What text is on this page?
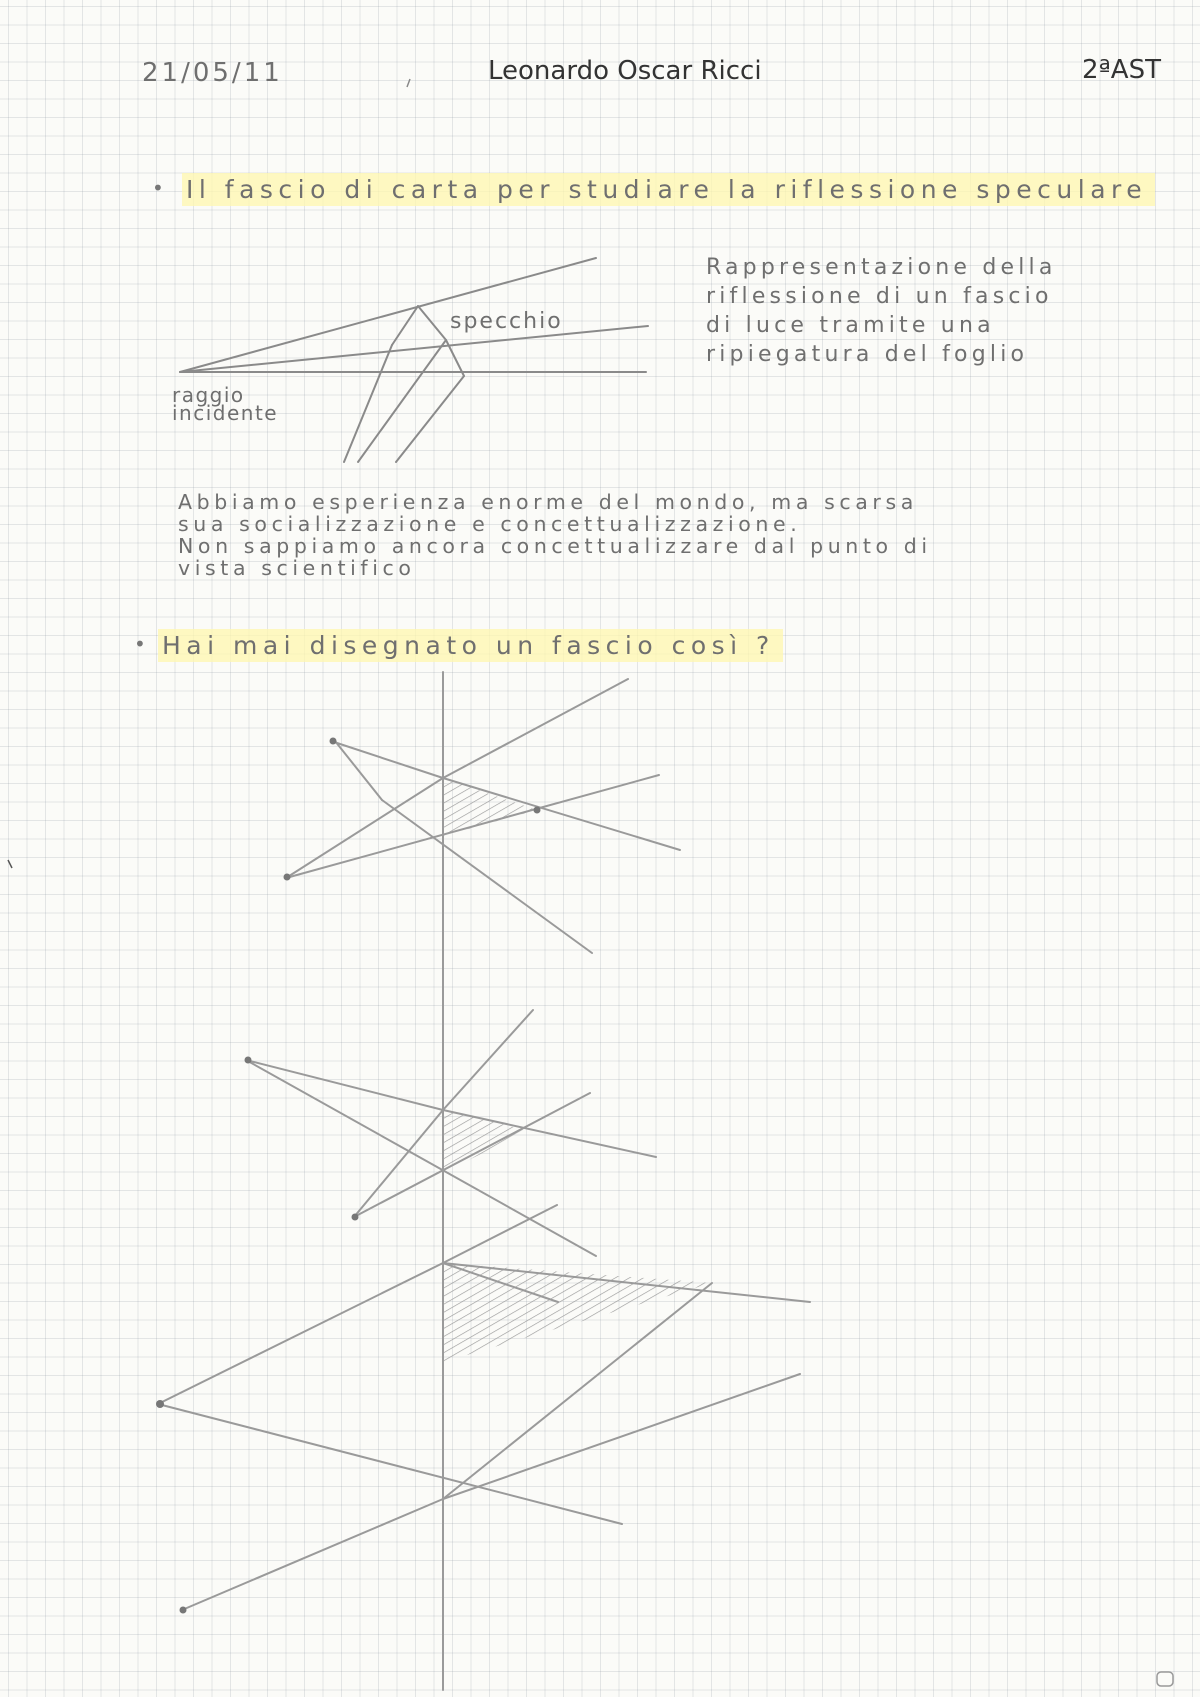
21/05/11	Leonardo Oscar Ricci	2ªAST
• Il fascio di carta per studiare la riflessione speculare
specchio
raggio
incidente
Rappresentazione della
riflessione di un fascio
di luce tramite una
ripiegatura del foglio
Abbiamo esperienza enorme del mondo, ma scarsa
sua socializzazione e concettualizzazione.
Non sappiamo ancora concettualizzare dal punto di
vista scientifico
• Hai mai disegnato un fascio così ?
